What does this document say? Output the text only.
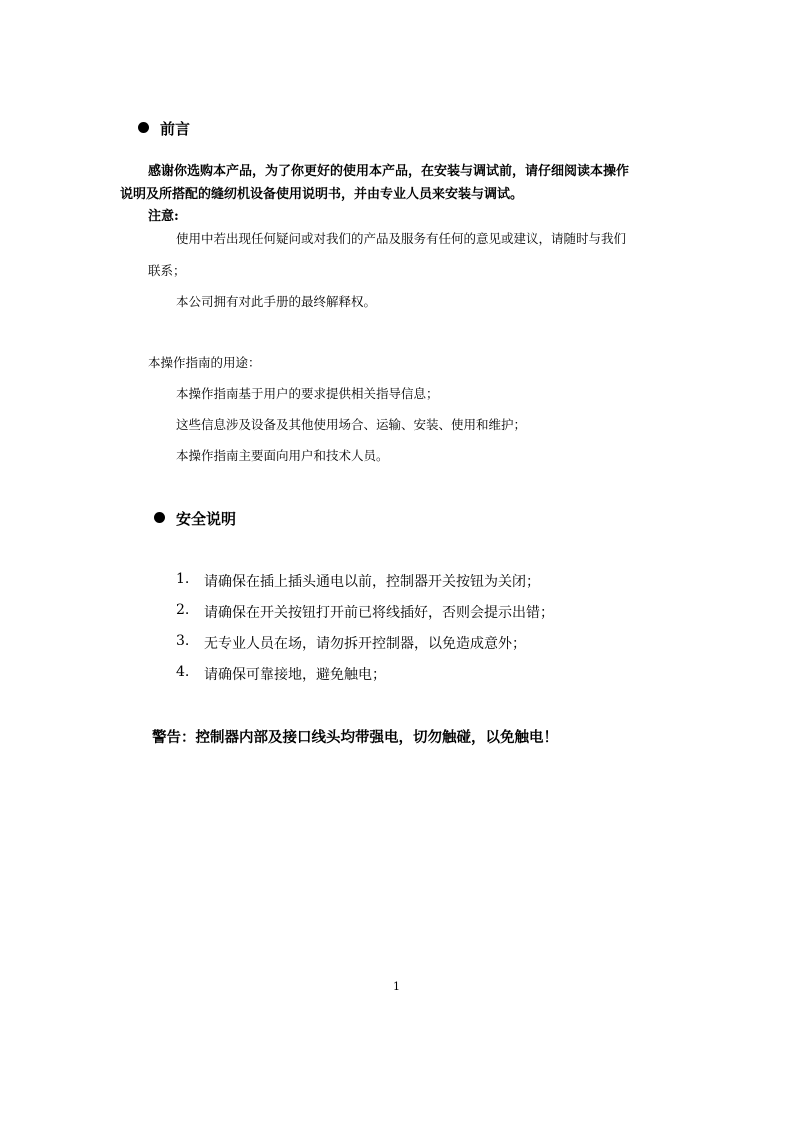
前言
感谢你选购本产品，为了你更好的使用本产品，在安装与调试前，请仔细阅读本操作
说明及所搭配的缝纫机设备使用说明书，并由专业人员来安装与调试。
注意:
使用中若出现任何疑问或对我们的产品及服务有任何的意见或建议，请随时与我们
联系；
本公司拥有对此手册的最终解释权。
本操作指南的用途：
本操作指南基于用户的要求提供相关指导信息；
这些信息涉及设备及其他使用场合、运输、安装、使用和维护；
本操作指南主要面向用户和技术人员。
安全说明
1. 请确保在插上插头通电以前，控制器开关按钮为关闭；
2. 请确保在开关按钮打开前已将线插好，否则会提示出错；
3. 无专业人员在场，请勿拆开控制器，以免造成意外；
4. 请确保可靠接地，避免触电；
警告：控制器内部及接口线头均带强电，切勿触碰，以免触电！
1
